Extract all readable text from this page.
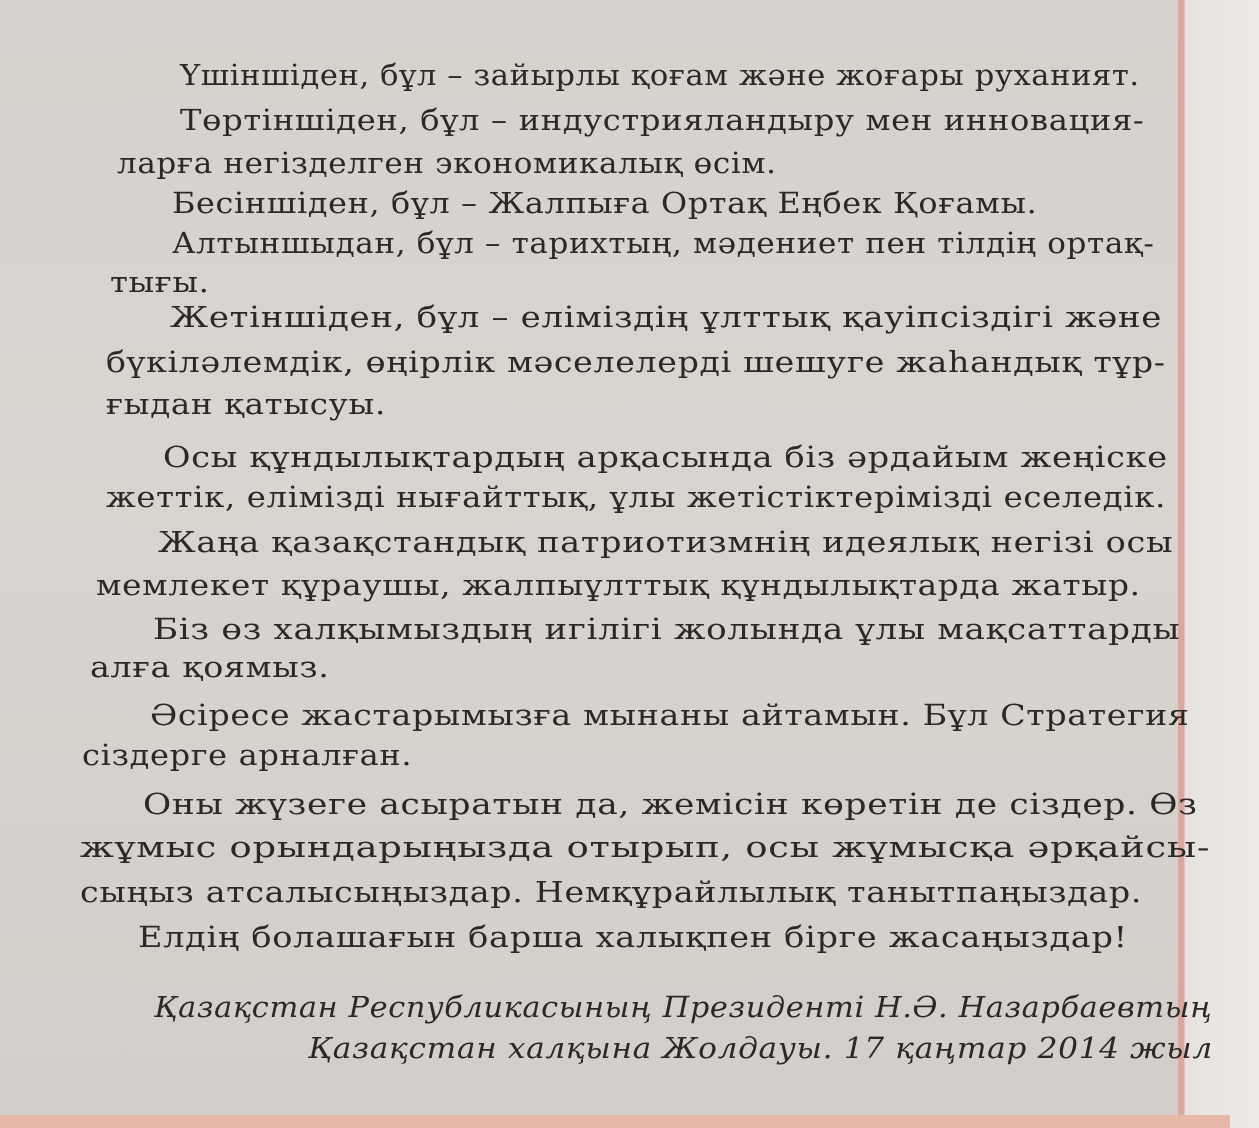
Үшіншіден, бұл – зайырлы қоғам және жоғары руханият.
Төртіншіден, бұл – индустрияландыру мен инновация-
ларға негізделген экономикалық өсім.
Бесіншіден, бұл – Жалпыға Ортақ Еңбек Қоғамы.
Алтыншыдан, бұл – тарихтың, мәдениет пен тілдің ортақ-
тығы.
Жетіншіден, бұл – еліміздің ұлттық қауіпсіздігі және
бүкіләлемдік, өңірлік мәселелерді шешуге жаһандық тұр-
ғыдан қатысуы.
Осы құндылықтардың арқасында біз әрдайым жеңіске
жеттік, елімізді нығайттық, ұлы жетістіктерімізді еселедік.
Жаңа қазақстандық патриотизмнің идеялық негізі осы
мемлекет құраушы, жалпыұлттық құндылықтарда жатыр.
Біз өз халқымыздың игілігі жолында ұлы мақсаттарды
алға қоямыз.
Әсіресе жастарымызға мынаны айтамын. Бұл Стратегия
сіздерге арналған.
Оны жүзеге асыратын да, жемісін көретін де сіздер. Өз
жұмыс орындарыңызда отырып, осы жұмысқа әрқайсы-
сыңыз атсалысыңыздар. Немқұрайлылық танытпаңыздар.
Елдің болашағын барша халықпен бірге жасаңыздар!
Қазақстан Республикасының Президенті Н.Ә. Назарбаевтың
Қазақстан халқына Жолдауы. 17 қаңтар 2014 жыл
